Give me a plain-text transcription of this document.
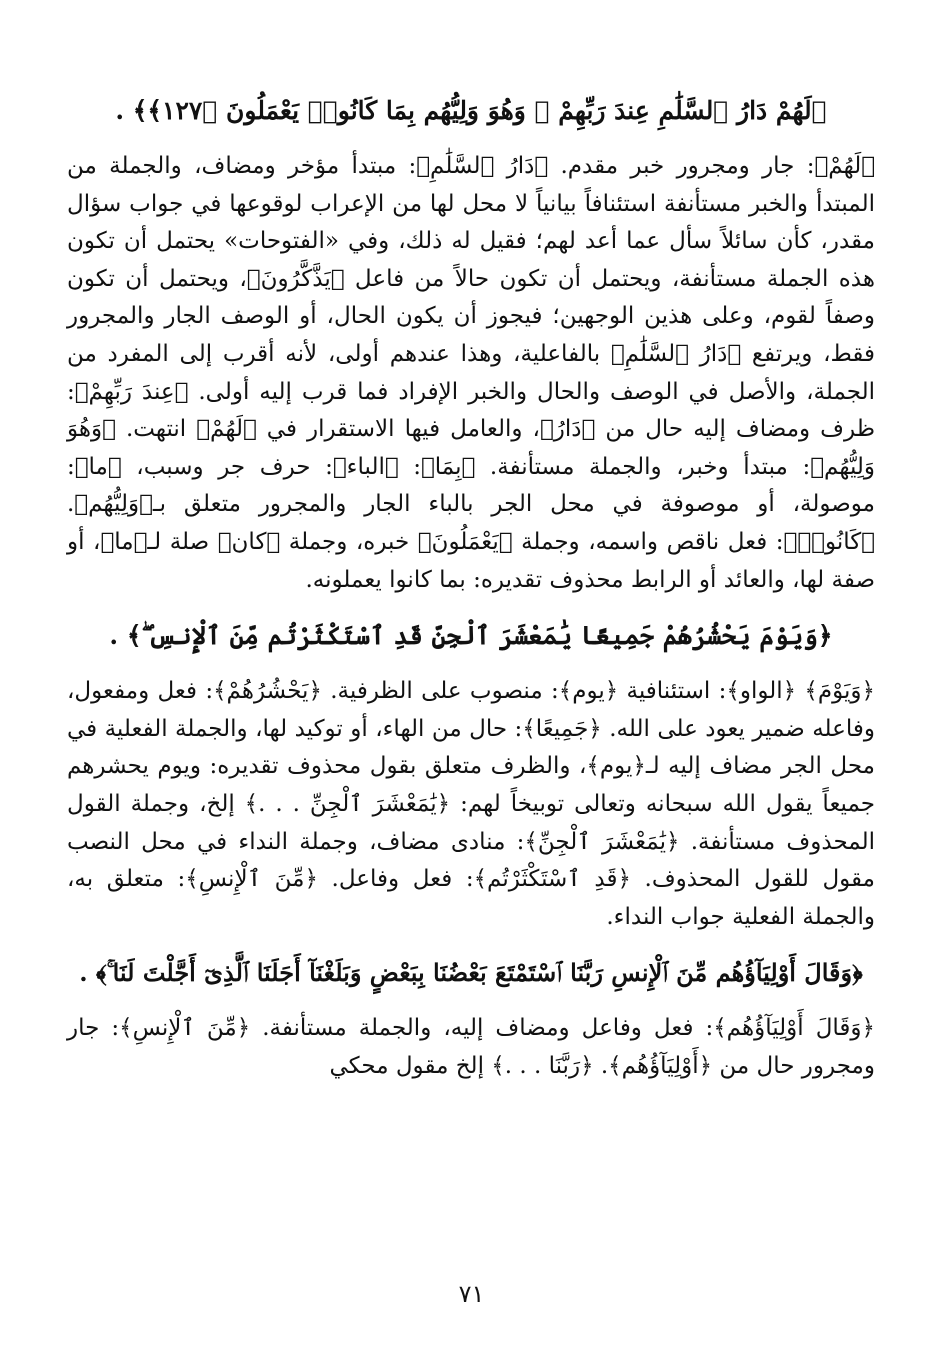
﴿لَهُمْ دَارُ ٱلسَّلَٰمِ عِندَ رَبِّهِمْ ۖ وَهُوَ وَلِيُّهُم بِمَا كَانُوا۟ يَعْمَلُونَ ﴿١٢٧﴾﴾ .
﴿لَهُمْ﴾: جار ومجرور خبر مقدم. ﴿دَارُ ٱلسَّلَٰمِ﴾: مبتدأ مؤخر ومضاف، والجملة من المبتدأ والخبر مستأنفة استئنافاً بيانياً لا محل لها من الإعراب لوقوعها في جواب سؤال مقدر، كأن سائلاً سأل عما أعد لهم؛ فقيل له ذلك، وفي «الفتوحات» يحتمل أن تكون هذه الجملة مستأنفة، ويحتمل أن تكون حالاً من فاعل ﴿يَذَّكَّرُونَ﴾، ويحتمل أن تكون وصفاً لقوم، وعلى هذين الوجهين؛ فيجوز أن يكون الحال، أو الوصف الجار والمجرور فقط، ويرتفع ﴿دَارُ ٱلسَّلَٰمِ﴾ بالفاعلية، وهذا عندهم أولى، لأنه أقرب إلى المفرد من الجملة، والأصل في الوصف والحال والخبر الإفراد فما قرب إليه أولى. ﴿عِندَ رَبِّهِمْ﴾: ظرف ومضاف إليه حال من ﴿دَارُ﴾، والعامل فيها الاستقرار في ﴿لَهُمْ﴾ انتهت. ﴿وَهُوَ وَلِيُّهُم﴾: مبتدأ وخبر، والجملة مستأنفة. ﴿بِمَا﴾: ﴿الباء﴾: حرف جر وسبب، ﴿ما﴾: موصولة، أو موصوفة في محل الجر بالباء الجار والمجرور متعلق بـ﴿وَلِيُّهُم﴾. ﴿كَانُوا۟﴾: فعل ناقص واسمه، وجملة ﴿يَعْمَلُونَ﴾ خبره، وجملة ﴿كان﴾ صلة لـ﴿ما﴾، أو صفة لها، والعائد أو الرابط محذوف تقديره: بما كانوا يعملونه.
﴿وَيَوْمَ يَحْشُرُهُمْ جَمِيعًا يَٰمَعْشَرَ ٱلْجِنِّ قَدِ ٱسْتَكْثَرْتُم مِّنَ ٱلْإِنسِ ۖ﴾ .
﴿وَيَوْمَ﴾ ﴿الواو﴾: استئنافية ﴿يوم﴾: منصوب على الظرفية. ﴿يَحْشُرُهُمْ﴾: فعل ومفعول، وفاعله ضمير يعود على الله. ﴿جَمِيعًا﴾: حال من الهاء، أو توكيد لها، والجملة الفعلية في محل الجر مضاف إليه لـ﴿يوم﴾، والظرف متعلق بقول محذوف تقديره: ويوم يحشرهم جميعاً يقول الله سبحانه وتعالى توبيخاً لهم: ﴿يَٰمَعْشَرَ ٱلْجِنِّ . . .﴾ إلخ، وجملة القول المحذوف مستأنفة. ﴿يَٰمَعْشَرَ ٱلْجِنِّ﴾: منادى مضاف، وجملة النداء في محل النصب مقول للقول المحذوف. ﴿قَدِ ٱسْتَكْثَرْتُم﴾: فعل وفاعل. ﴿مِّنَ ٱلْإِنسِ﴾: متعلق به، والجملة الفعلية جواب النداء.
﴿وَقَالَ أَوْلِيَآؤُهُم مِّنَ ٱلْإِنسِ رَبَّنَا ٱسْتَمْتَعَ بَعْضُنَا بِبَعْضٍ وَبَلَغْنَآ أَجَلَنَا ٱلَّذِىٓ أَجَّلْتَ لَنَا ۚ﴾ .
﴿وَقَالَ أَوْلِيَآؤُهُم﴾: فعل وفاعل ومضاف إليه، والجملة مستأنفة. ﴿مِّنَ ٱلْإِنسِ﴾: جار ومجرور حال من ﴿أَوْلِيَآؤُهُم﴾. ﴿رَبَّنَا . . .﴾ إلخ مقول محكي
٧١
